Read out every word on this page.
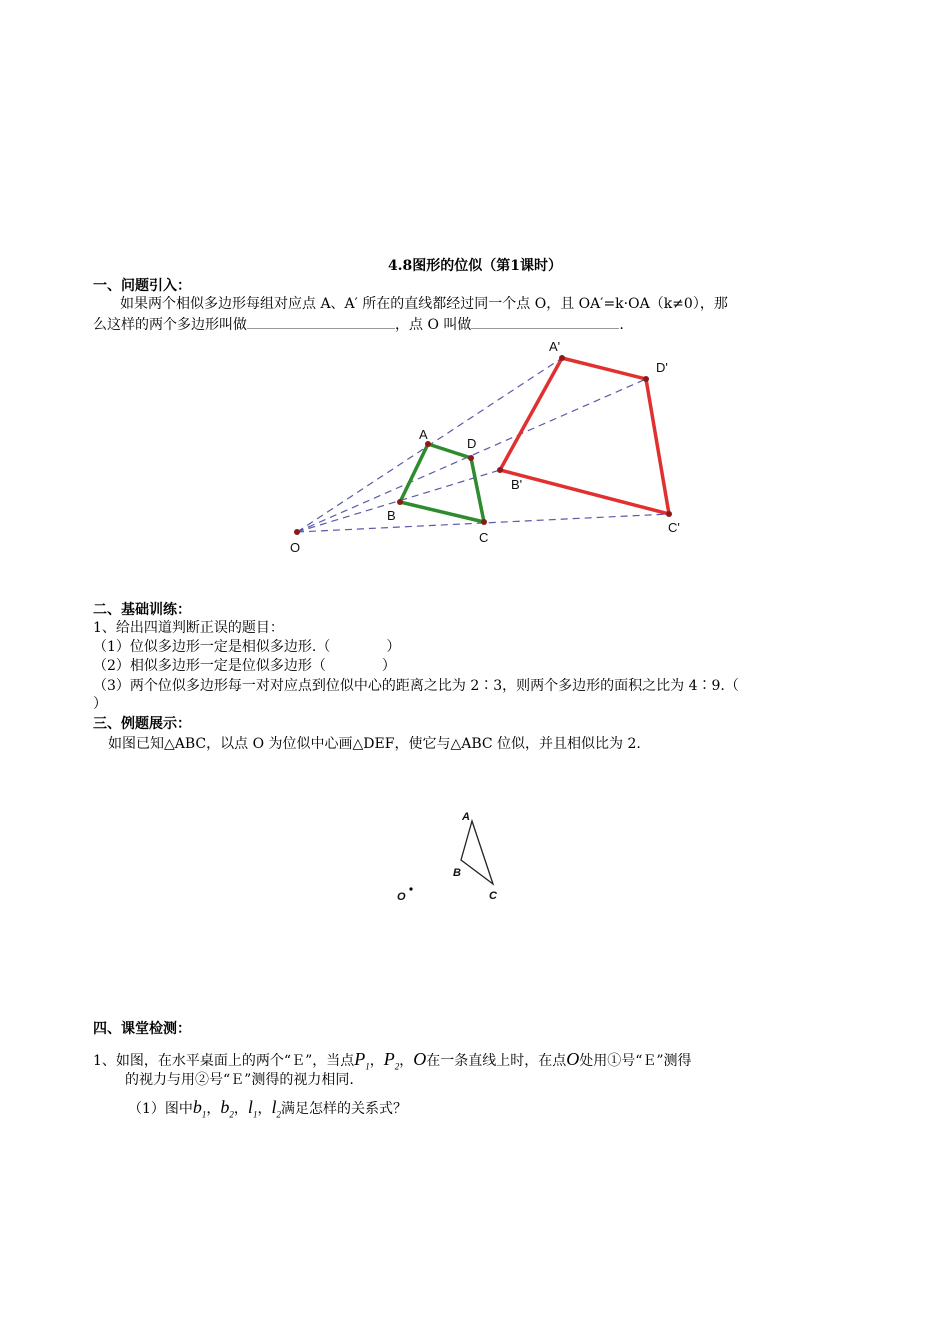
4.8图形的位似（第1课时）
一、问题引入：
如果两个相似多边形每组对应点 A、A′ 所在的直线都经过同一个点 O，且 OA′=k·OA（k≠0），那
么这样的两个多边形叫做	，点 O 叫做	.
O
A
D
B
C
A'
D'
B'
C'
二、基础训练：
1、给出四道判断正误的题目：
（1）位似多边形一定是相似多边形.（　　　　）
（2）相似多边形一定是位似多边形（　　　　）
（3）两个位似多边形每一对对应点到位似中心的距离之比为 2∶3，则两个多边形的面积之比为 4∶9.（
）
三、例题展示：
如图已知△ABC，以点 O 为位似中心画△DEF，使它与△ABC 位似，并且相似比为 2.
A
B
C
O
四、课堂检测：
1、如图，在水平桌面上的两个“Ｅ”，当点$P_1$，$P_2$，O在一条直线上时，在点O处用①号“Ｅ”测得
的视力与用②号“Ｅ”测得的视力相同.
（1）图中$b_1$，$b_2$，$l_1$，$l_2$满足怎样的关系式？
